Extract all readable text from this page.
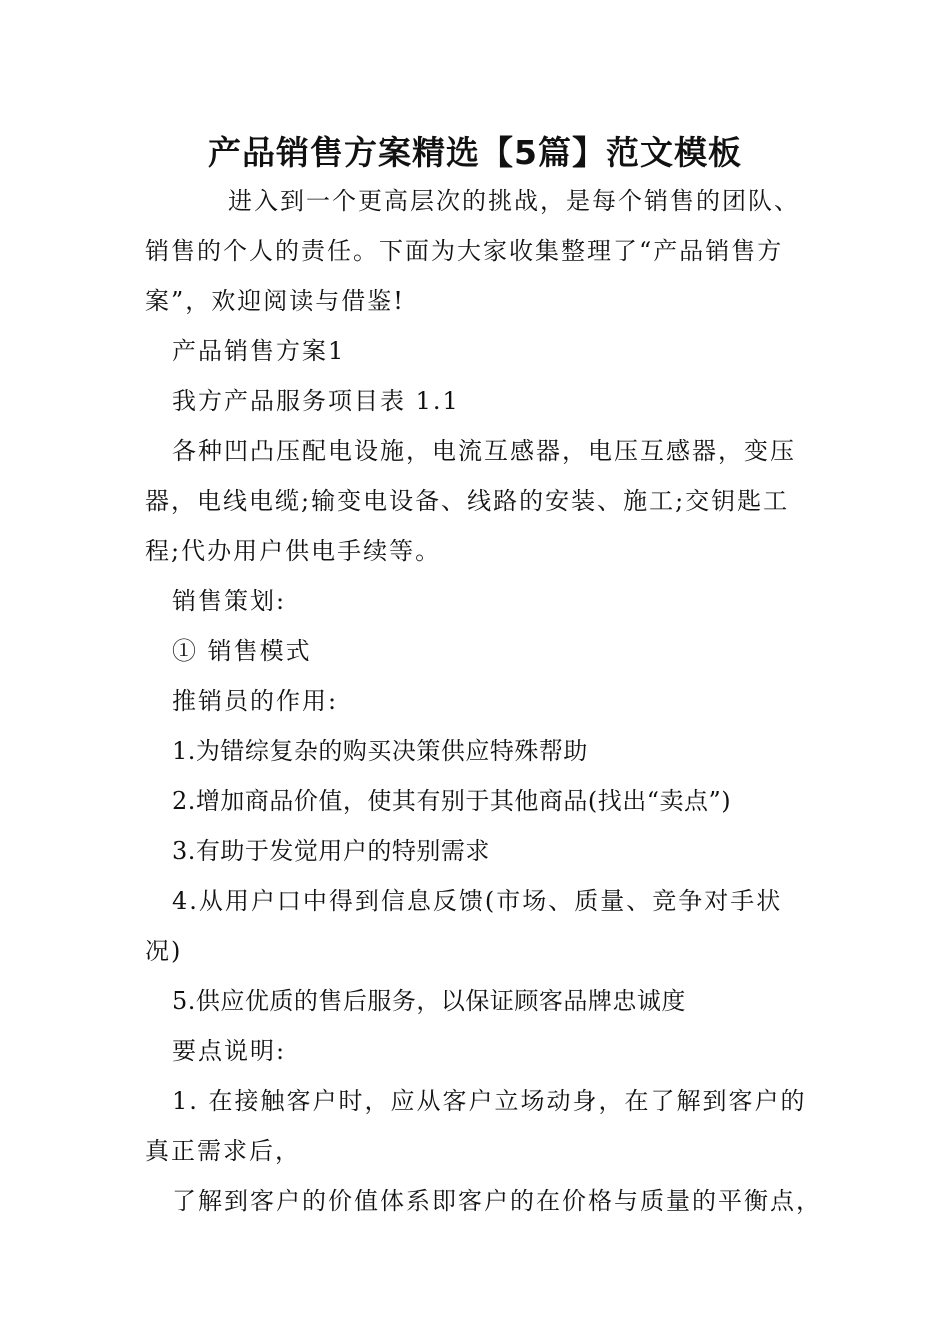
产品销售方案精选【5篇】范文模板
进入到一个更高层次的挑战，是每个销售的团队、
销售的个人的责任。下面为大家收集整理了“产品销售方
案”，欢迎阅读与借鉴!
产品销售方案1
我方产品服务项目表 1.1
各种凹凸压配电设施，电流互感器，电压互感器，变压
器，电线电缆;输变电设备、线路的安装、施工;交钥匙工
程;代办用户供电手续等。
销售策划:
① 销售模式
推销员的作用:
1.为错综复杂的购买决策供应特殊帮助
2.增加商品价值，使其有别于其他商品(找出“卖点”)
3.有助于发觉用户的特别需求
4.从用户口中得到信息反馈(市场、质量、竞争对手状
况)
5.供应优质的售后服务，以保证顾客品牌忠诚度
要点说明:
1. 在接触客户时，应从客户立场动身，在了解到客户的
真正需求后，
了解到客户的价值体系即客户的在价格与质量的平衡点，
